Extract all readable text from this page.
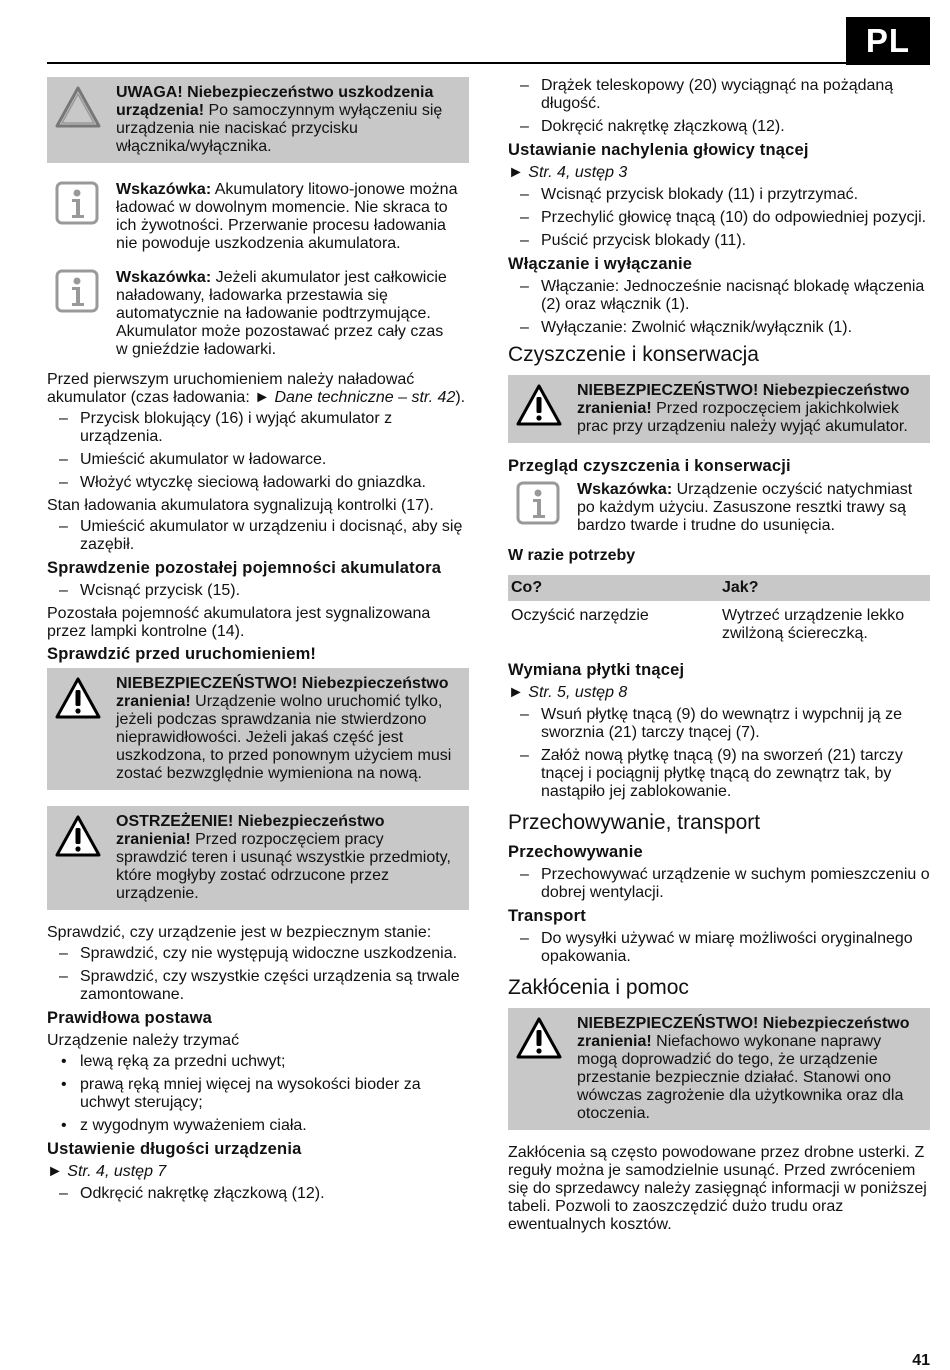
PL
UWAGA! Niebezpieczeństwo uszkodzenia urządzenia! Po samoczynnym wyłączeniu się urządzenia nie naciskać przycisku włącznika/wyłącznika.
Wskazówka: Akumulatory litowo-jonowe można ładować w dowolnym momencie. Nie skraca to ich żywotności. Przerwanie procesu ładowania nie powoduje uszkodzenia akumulatora.
Wskazówka: Jeżeli akumulator jest całkowicie naładowany, ładowarka przestawia się automatycznie na ładowanie podtrzymujące. Akumulator może pozostawać przez cały czas w gnieździe ładowarki.
Przed pierwszym uruchomieniem należy naładować akumulator (czas ładowania: ► Dane techniczne – str. 42).
– Przycisk blokujący (16) i wyjąć akumulator z urządzenia.
– Umieścić akumulator w ładowarce.
– Włożyć wtyczkę sieciową ładowarki do gniazdka.
Stan ładowania akumulatora sygnalizują kontrolki (17).
– Umieścić akumulator w urządzeniu i docisnąć, aby się zazębił.
Sprawdzenie pozostałej pojemności akumulatora
– Wcisnąć przycisk (15).
Pozostała pojemność akumulatora jest sygnalizowana przez lampki kontrolne (14).
Sprawdzić przed uruchomieniem!
NIEBEZPIECZEŃSTWO! Niebezpieczeństwo zranienia! Urządzenie wolno uruchomić tylko, jeżeli podczas sprawdzania nie stwierdzono nieprawidłowości. Jeżeli jakaś część jest uszkodzona, to przed ponownym użyciem musi zostać bezwzględnie wymieniona na nową.
OSTRZEŻENIE! Niebezpieczeństwo zranienia! Przed rozpoczęciem pracy sprawdzić teren i usunąć wszystkie przedmioty, które mogłyby zostać odrzucone przez urządzenie.
Sprawdzić, czy urządzenie jest w bezpiecznym stanie:
– Sprawdzić, czy nie występują widoczne uszkodzenia.
– Sprawdzić, czy wszystkie części urządzenia są trwale zamontowane.
Prawidłowa postawa
Urządzenie należy trzymać
• lewą ręką za przedni uchwyt;
• prawą ręką mniej więcej na wysokości bioder za uchwyt sterujący;
• z wygodnym wyważeniem ciała.
Ustawienie długości urządzenia
► Str. 4, ustęp 7
– Odkręcić nakrętkę złączkową (12).
– Drążek teleskopowy (20) wyciągnąć na pożądaną długość.
– Dokręcić nakrętkę złączkową (12).
Ustawianie nachylenia głowicy tnącej
► Str. 4, ustęp 3
– Wcisnąć przycisk blokady (11) i przytrzymać.
– Przechylić głowicę tnącą (10) do odpowiedniej pozycji.
– Puścić przycisk blokady (11).
Włączanie i wyłączanie
– Włączanie: Jednocześnie nacisnąć blokadę włączenia (2) oraz włącznik (1).
– Wyłączanie: Zwolnić włącznik/wyłącznik (1).
Czyszczenie i konserwacja
NIEBEZPIECZEŃSTWO! Niebezpieczeństwo zranienia! Przed rozpoczęciem jakichkolwiek prac przy urządzeniu należy wyjąć akumulator.
Przegląd czyszczenia i konserwacji
Wskazówka: Urządzenie oczyścić natychmiast po każdym użyciu. Zasuszone resztki trawy są bardzo twarde i trudne do usunięcia.
W razie potrzeby
Co?	Jak?
Oczyścić narzędzie	Wytrzeć urządzenie lekko zwilżoną ściereczką.
Wymiana płytki tnącej
► Str. 5, ustęp 8
– Wsuń płytkę tnącą (9) do wewnątrz i wypchnij ją ze sworznia (21) tarczy tnącej (7).
– Załóż nową płytkę tnącą (9) na sworzeń (21) tarczy tnącej i pociągnij płytkę tnącą do zewnątrz tak, by nastąpiło jej zablokowanie.
Przechowywanie, transport
Przechowywanie
– Przechowywać urządzenie w suchym pomieszczeniu o dobrej wentylacji.
Transport
– Do wysyłki używać w miarę możliwości oryginalnego opakowania.
Zakłócenia i pomoc
NIEBEZPIECZEŃSTWO! Niebezpieczeństwo zranienia! Niefachowo wykonane naprawy mogą doprowadzić do tego, że urządzenie przestanie bezpiecznie działać. Stanowi ono wówczas zagrożenie dla użytkownika oraz dla otoczenia.
Zakłócenia są często powodowane przez drobne usterki. Z reguły można je samodzielnie usunąć. Przed zwróceniem się do sprzedawcy należy zasięgnąć informacji w poniższej tabeli. Pozwoli to zaoszczędzić dużo trudu oraz ewentualnych kosztów.
41
